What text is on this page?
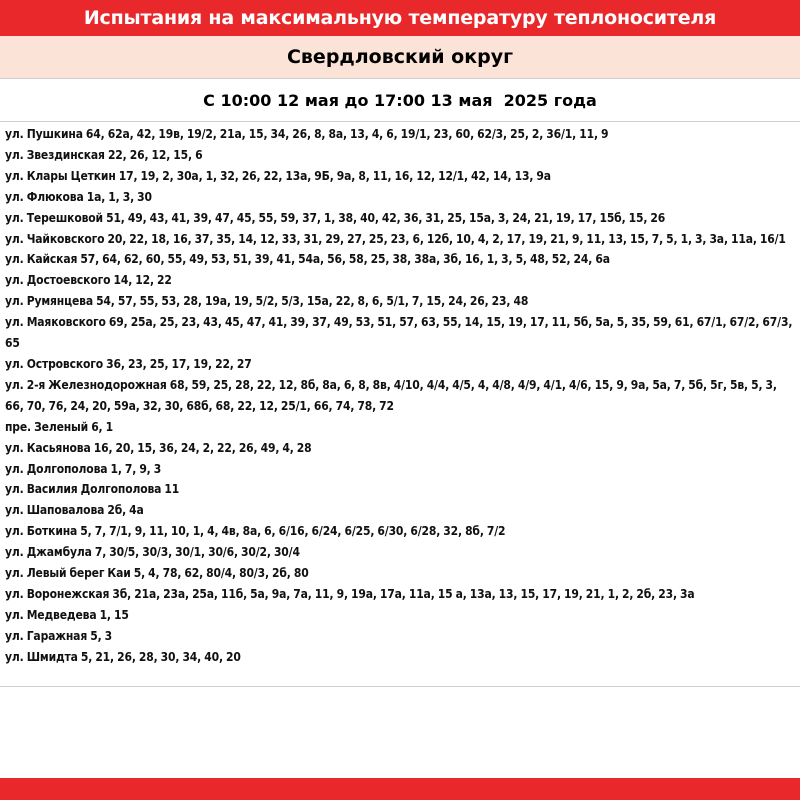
Испытания на максимальную температуру теплоносителя
Свердловский округ
С 10:00 12 мая до 17:00 13 мая  2025 года
ул. Пушкина 64, 62а, 42, 19в, 19/2, 21а, 15, 34, 26, 8, 8а, 13, 4, 6, 19/1, 23, 60, 62/3, 25, 2, 36/1, 11, 9
ул. Звездинская 22, 26, 12, 15, 6
ул. Клары Цеткин 17, 19, 2, 30а, 1, 32, 26, 22, 13а, 9Б, 9а, 8, 11, 16, 12, 12/1, 42, 14, 13, 9а
ул. Флюкова 1а, 1, 3, 30
ул. Терешковой 51, 49, 43, 41, 39, 47, 45, 55, 59, 37, 1, 38, 40, 42, 36, 31, 25, 15а, 3, 24, 21, 19, 17, 15б, 15, 26
ул. Чайковского 20, 22, 18, 16, 37, 35, 14, 12, 33, 31, 29, 27, 25, 23, 6, 12б, 10, 4, 2, 17, 19, 21, 9, 11, 13, 15, 7, 5, 1, 3, 3а, 11а, 16/1
ул. Кайская 57, 64, 62, 60, 55, 49, 53, 51, 39, 41, 54а, 56, 58, 25, 38, 38а, 3б, 16, 1, 3, 5, 48, 52, 24, 6а
ул. Достоевского 14, 12, 22
ул. Румянцева 54, 57, 55, 53, 28, 19а, 19, 5/2, 5/3, 15а, 22, 8, 6, 5/1, 7, 15, 24, 26, 23, 48
ул. Маяковского 69, 25а, 25, 23, 43, 45, 47, 41, 39, 37, 49, 53, 51, 57, 63, 55, 14, 15, 19, 17, 11, 5б, 5а, 5, 35, 59, 61, 67/1, 67/2, 67/3, 65
ул. Островского 36, 23, 25, 17, 19, 22, 27
ул. 2-я Железнодорожная 68, 59, 25, 28, 22, 12, 8б, 8а, 6, 8, 8в, 4/10, 4/4, 4/5, 4, 4/8, 4/9, 4/1, 4/6, 15, 9, 9а, 5а, 7, 5б, 5г, 5в, 5, 3, 66, 70, 76, 24, 20, 59а, 32, 30, 68б, 68, 22, 12, 25/1, 66, 74, 78, 72
пре. Зеленый 6, 1
ул. Касьянова 16, 20, 15, 36, 24, 2, 22, 26, 49, 4, 28
ул. Долгополова 1, 7, 9, 3
ул. Василия Долгополова 11
ул. Шаповалова 2б, 4а
ул. Боткина 5, 7, 7/1, 9, 11, 10, 1, 4, 4в, 8а, 6, 6/16, 6/24, 6/25, 6/30, 6/28, 32, 8б, 7/2
ул. Джамбула 7, 30/5, 30/3, 30/1, 30/6, 30/2, 30/4
ул. Левый берег Каи 5, 4, 78, 62, 80/4, 80/3, 2б, 80
ул. Воронежская 3б, 21а, 23а, 25а, 11б, 5а, 9а, 7а, 11, 9, 19а, 17а, 11а, 15 а, 13а, 13, 15, 17, 19, 21, 1, 2, 2б, 23, 3а
ул. Медведева 1, 15
ул. Гаражная 5, 3
ул. Шмидта 5, 21, 26, 28, 30, 34, 40, 20
